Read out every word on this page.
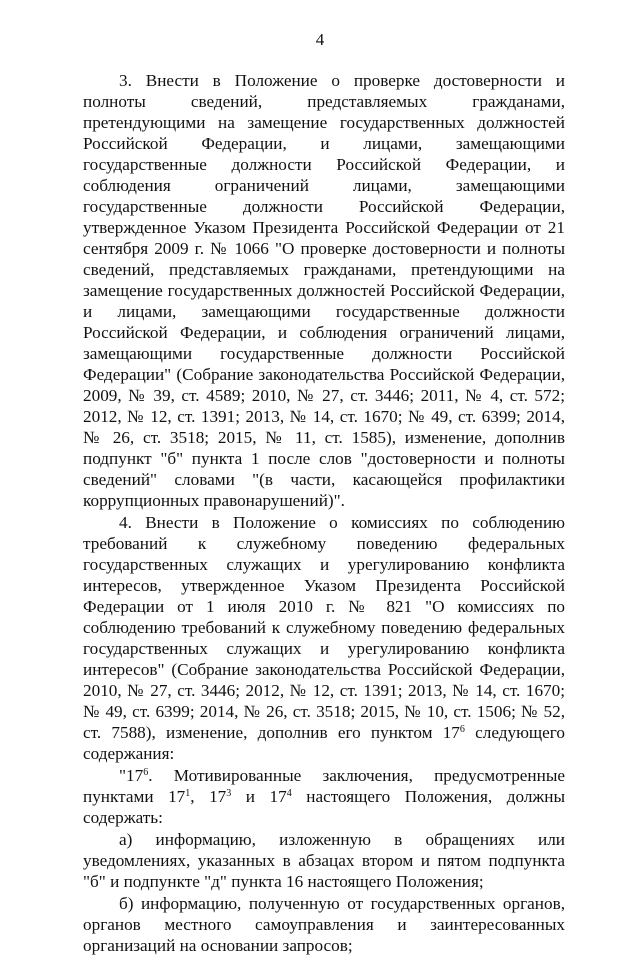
4

3. Внести в Положение о проверке достоверности и полноты сведений, представляемых гражданами, претендующими на замещение государственных должностей Российской Федерации, и лицами, замещающими государственные должности Российской Федерации, и соблюдения ограничений лицами, замещающими государственные должности Российской Федерации, утвержденное Указом Президента Российской Федерации от 21 сентября 2009 г. № 1066 "О проверке достоверности и полноты сведений, представляемых гражданами, претендующими на замещение государственных должностей Российской Федерации, и лицами, замещающими государственные должности Российской Федерации, и соблюдения ограничений лицами, замещающими государственные должности Российской Федерации" (Собрание законодательства Российской Федерации, 2009, № 39, ст. 4589; 2010, № 27, ст. 3446; 2011, № 4, ст. 572; 2012, № 12, ст. 1391; 2013, № 14, ст. 1670; № 49, ст. 6399; 2014, № 26, ст. 3518; 2015, № 11, ст. 1585), изменение, дополнив подпункт "б" пункта 1 после слов "достоверности и полноты сведений" словами "(в части, касающейся профилактики коррупционных правонарушений)".

4. Внести в Положение о комиссиях по соблюдению требований к служебному поведению федеральных государственных служащих и урегулированию конфликта интересов, утвержденное Указом Президента Российской Федерации от 1 июля 2010 г. № 821 "О комиссиях по соблюдению требований к служебному поведению федеральных государственных служащих и урегулированию конфликта интересов" (Собрание законодательства Российской Федерации, 2010, № 27, ст. 3446; 2012, № 12, ст. 1391; 2013, № 14, ст. 1670; № 49, ст. 6399; 2014, № 26, ст. 3518; 2015, № 10, ст. 1506; № 52, ст. 7588), изменение, дополнив его пунктом $17^6$ следующего содержания:

"$17^6$. Мотивированные заключения, предусмотренные пунктами $17^1$, $17^3$ и $17^4$ настоящего Положения, должны содержать:

а) информацию, изложенную в обращениях или уведомлениях, указанных в абзацах втором и пятом подпункта "б" и подпункте "д" пункта 16 настоящего Положения;

б) информацию, полученную от государственных органов, органов местного самоуправления и заинтересованных организаций на основании запросов;
